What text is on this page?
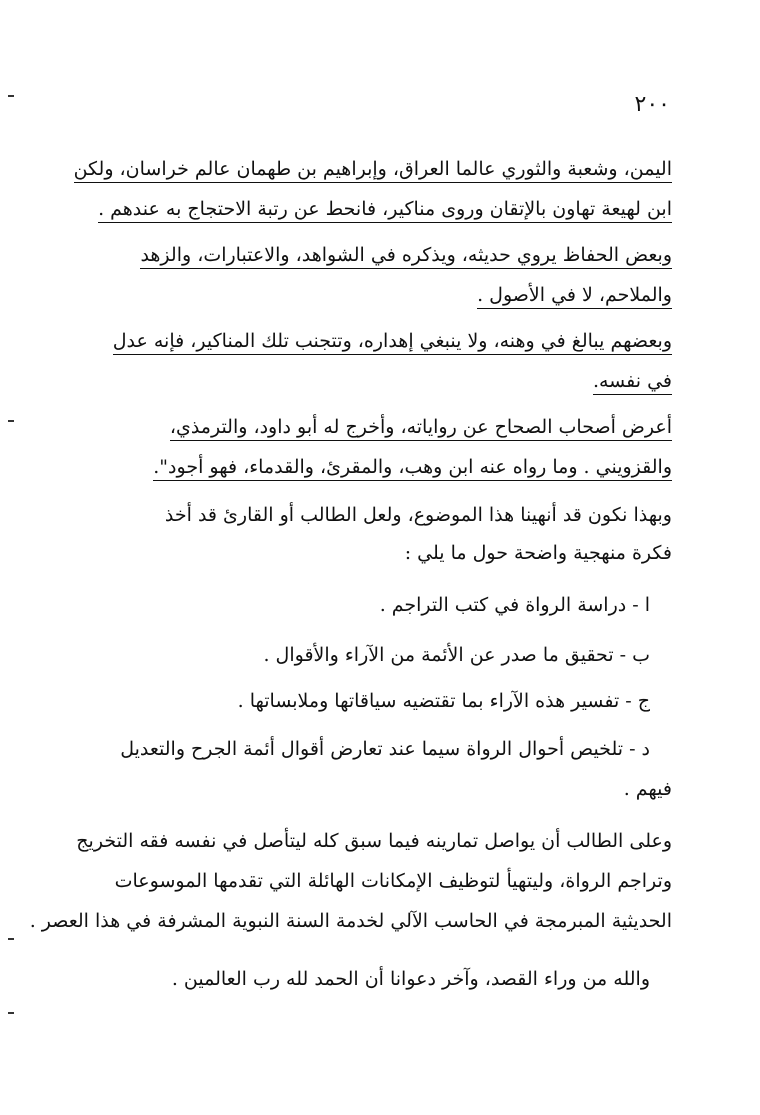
٢٠٠
اليمن، وشعبة والثوري عالما العراق، وإبراهيم بن طهمان عالم خراسان، ولكن
ابن لهيعة تهاون بالإتقان وروى مناكير، فانحط عن رتبة الاحتجاج به عندهم .
وبعض الحفاظ يروي حديثه، ويذكره في الشواهد، والاعتبارات، والزهد
والملاحم، لا في الأصول .
وبعضهم يبالغ في وهنه، ولا ينبغي إهداره، وتتجنب تلك المناكير، فإنه عدل
في نفسه.
أعرض أصحاب الصحاح عن رواياته، وأخرج له أبو داود، والترمذي،
والقزويني . وما رواه عنه ابن وهب، والمقرئ، والقدماء، فهو أجود".
وبهذا نكون قد أنهينا هذا الموضوع، ولعل الطالب أو القارئ قد أخذ
فكرة منهجية واضحة حول ما يلي :
ا - دراسة الرواة في كتب التراجم .
ب - تحقيق ما صدر عن الأئمة من الآراء والأقوال .
ج - تفسير هذه الآراء بما تقتضيه سياقاتها وملابساتها .
د - تلخيص أحوال الرواة سيما عند تعارض أقوال أئمة الجرح والتعديل
فيهم .
وعلى الطالب أن يواصل تمارينه فيما سبق كله ليتأصل في نفسه فقه التخريج
وتراجم الرواة، وليتهيأ لتوظيف الإمكانات الهائلة التي تقدمها الموسوعات
الحديثية المبرمجة في الحاسب الآلي لخدمة السنة النبوية المشرفة في هذا العصر .
والله من وراء القصد، وآخر دعوانا أن الحمد لله رب العالمين .
